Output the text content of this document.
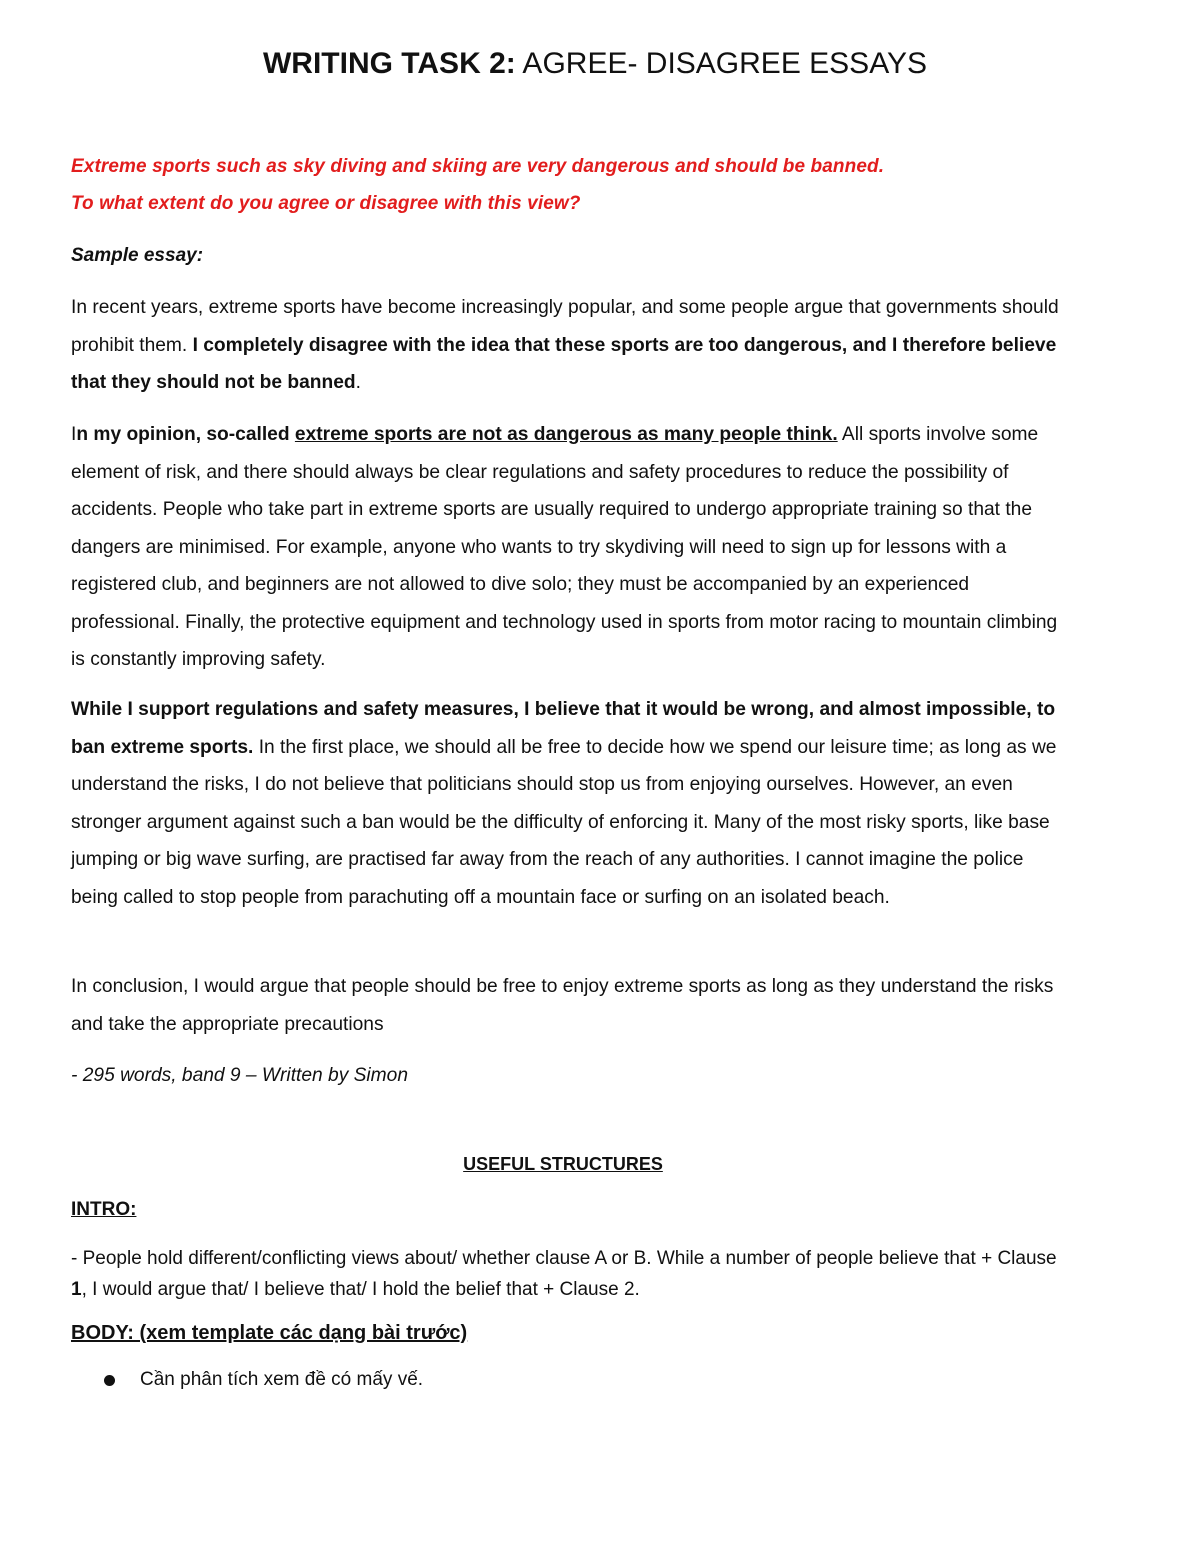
WRITING TASK 2: AGREE- DISAGREE ESSAYS
Extreme sports such as sky diving and skiing are very dangerous and should be banned.
To what extent do you agree or disagree with this view?
Sample essay:
In recent years, extreme sports have become increasingly popular, and some people argue that governments should prohibit them. I completely disagree with the idea that these sports are too dangerous, and I therefore believe that they should not be banned.
In my opinion, so-called extreme sports are not as dangerous as many people think. All sports involve some element of risk, and there should always be clear regulations and safety procedures to reduce the possibility of accidents. People who take part in extreme sports are usually required to undergo appropriate training so that the dangers are minimised. For example, anyone who wants to try skydiving will need to sign up for lessons with a registered club, and beginners are not allowed to dive solo; they must be accompanied by an experienced professional. Finally, the protective equipment and technology used in sports from motor racing to mountain climbing is constantly improving safety.
While I support regulations and safety measures, I believe that it would be wrong, and almost impossible, to ban extreme sports. In the first place, we should all be free to decide how we spend our leisure time; as long as we understand the risks, I do not believe that politicians should stop us from enjoying ourselves. However, an even stronger argument against such a ban would be the difficulty of enforcing it. Many of the most risky sports, like base jumping or big wave surfing, are practised far away from the reach of any authorities. I cannot imagine the police being called to stop people from parachuting off a mountain face or surfing on an isolated beach.
In conclusion, I would argue that people should be free to enjoy extreme sports as long as they understand the risks and take the appropriate precautions
- 295 words, band 9 – Written by Simon
USEFUL STRUCTURES
INTRO:
- People hold different/conflicting views about/ whether clause A or B. While a number of people believe that + Clause 1, I would argue that/ I believe that/ I hold the belief that + Clause 2.
BODY: (xem template các dạng bài trước)
Cần phân tích xem đề có mấy vế.
